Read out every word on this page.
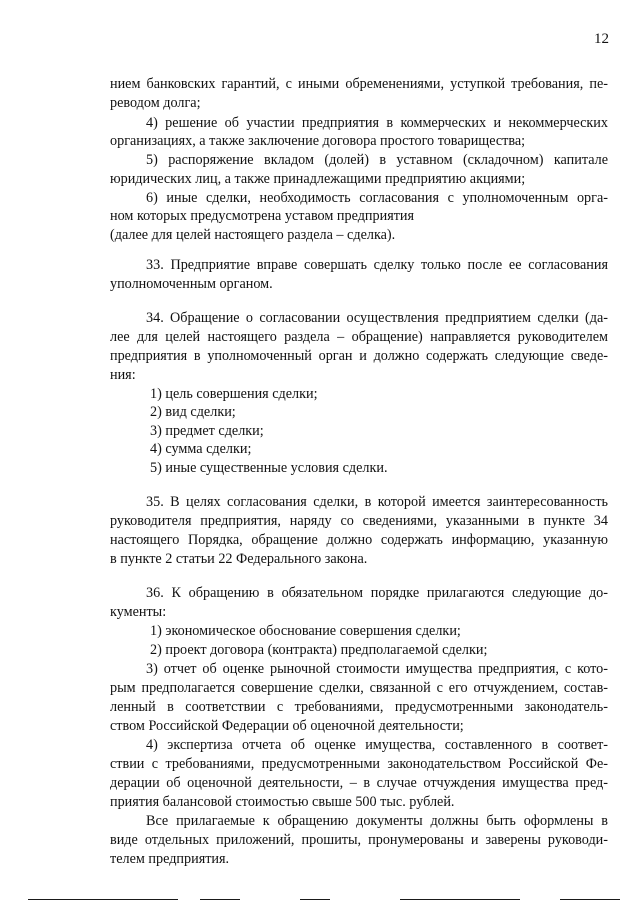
12
нием банковских гарантий, с иными обременениями, уступкой требования, пе-
реводом долга;
4) решение об участии предприятия в коммерческих и некоммерческих
организациях, а также заключение договора простого товарищества;
5) распоряжение вкладом (долей) в уставном (складочном) капитале
юридических лиц, а также принадлежащими предприятию акциями;
6) иные сделки, необходимость согласования с уполномоченным орга-
ном которых предусмотрена уставом предприятия
(далее для целей настоящего раздела – сделка).
33. Предприятие вправе совершать сделку только после ее согласования
уполномоченным органом.
34. Обращение о согласовании осуществления предприятием сделки (да-
лее для целей настоящего раздела – обращение) направляется руководителем
предприятия в уполномоченный орган и должно содержать следующие сведе-
ния:
1) цель совершения сделки;
2) вид сделки;
3) предмет сделки;
4) сумма сделки;
5) иные существенные условия сделки.
35. В целях согласования сделки, в которой имеется заинтересованность
руководителя предприятия, наряду со сведениями, указанными в пункте 34
настоящего Порядка, обращение должно содержать информацию, указанную
в пункте 2 статьи 22 Федерального закона.
36. К обращению в обязательном порядке прилагаются следующие до-
кументы:
1) экономическое обоснование совершения сделки;
2) проект договора (контракта) предполагаемой сделки;
3) отчет об оценке рыночной стоимости имущества предприятия, с кото-
рым предполагается совершение сделки, связанной с его отчуждением, состав-
ленный в соответствии с требованиями, предусмотренными законодатель-
ством Российской Федерации об оценочной деятельности;
4) экспертиза отчета об оценке имущества, составленного в соответ-
ствии с требованиями, предусмотренными законодательством Российской Фе-
дерации об оценочной деятельности, – в случае отчуждения имущества пред-
приятия балансовой стоимостью свыше 500 тыс. рублей.
Все прилагаемые к обращению документы должны быть оформлены в
виде отдельных приложений, прошиты, пронумерованы и заверены руководи-
телем предприятия.
